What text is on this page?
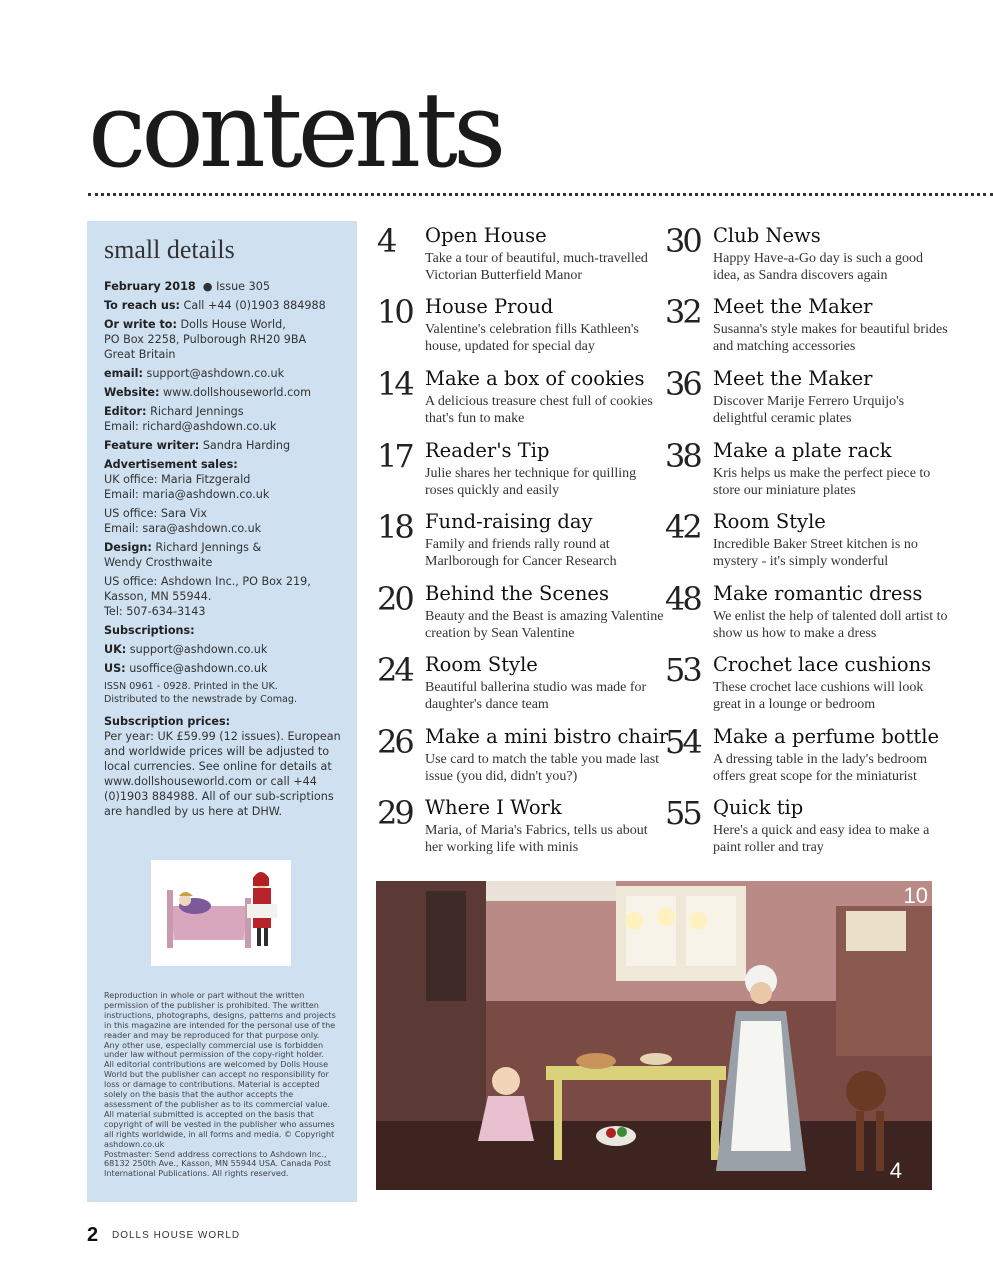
contents
small details

February 2018  ● Issue 305

To reach us: Call +44 (0)1903 884988

Or write to: Dolls House World,
PO Box 2258, Pulborough RH20 9BA
Great Britain

email: support@ashdown.co.uk

Website: www.dollshouseworld.com

Editor: Richard Jennings
Email: richard@ashdown.co.uk

Feature writer: Sandra Harding

Advertisement sales:
UK office: Maria Fitzgerald
Email: maria@ashdown.co.uk

US office: Sara Vix
Email: sara@ashdown.co.uk

Design: Richard Jennings &
Wendy Crosthwaite

US office: Ashdown Inc., PO Box 219,
Kasson, MN 55944.
Tel: 507-634-3143

Subscriptions:

UK: support@ashdown.co.uk

US: usoffice@ashdown.co.uk

ISSN 0961 - 0928. Printed in the UK.
Distributed to the newstrade by Comag.

Subscription prices:
Per year: UK £59.99 (12 issues). European and worldwide prices will be adjusted to local currencies. See online for details at www.dollshouseworld.com or call +44 (0)1903 884988. All of our sub-scriptions are handled by us here at DHW.

Reproduction in whole or part without the written permission of the publisher is prohibited. The written instructions, photographs, designs, patterns and projects in this magazine are intended for the personal use of the reader and may be reproduced for that purpose only. Any other use, especially commercial use is forbidden under law without permission of the copy-right holder. All editorial contributions are welcomed by Dolls House World but the publisher can accept no responsibility for loss or damage to contributions. Material is accepted solely on the basis that the author accepts the assessment of the publisher as to its commercial value. All material submitted is accepted on the basis that copyright of will be vested in the publisher who assumes all rights worldwide, in all forms and media. © Copyright ashdown.co.uk

Postmaster: Send address corrections to Ashdown Inc., 68132 250th Ave., Kasson, MN 55944 USA. Canada Post International Publications. All rights reserved.

4 Open House
Take a tour of beautiful, much-travelled Victorian Butterfield Manor
10 House Proud
Valentine's celebration fills Kathleen's house, updated for special day
14 Make a box of cookies
A delicious treasure chest full of cookies that's fun to make
17 Reader's Tip
Julie shares her technique for quilling roses quickly and easily
18 Fund-raising day
Family and friends rally round at Marlborough for Cancer Research
20 Behind the Scenes
Beauty and the Beast is amazing Valentine creation by Sean Valentine
24 Room Style
Beautiful ballerina studio was made for daughter's dance team
26 Make a mini bistro chair
Use card to match the table you made last issue (you did, didn't you?)
29 Where I Work
Maria, of Maria's Fabrics, tells us about her working life with minis
30 Club News
Happy Have-a-Go day is such a good idea, as Sandra discovers again
32 Meet the Maker
Susanna's style makes for beautiful brides and matching accessories
36 Meet the Maker
Discover Marije Ferrero Urquijo's delightful ceramic plates
38 Make a plate rack
Kris helps us make the perfect piece to store our miniature plates
42 Room Style
Incredible Baker Street kitchen is no mystery - it's simply wonderful
48 Make romantic dress
We enlist the help of talented doll artist to show us how to make a dress
53 Crochet lace cushions
These crochet lace cushions will look great in a lounge or bedroom
54 Make a perfume bottle
A dressing table in the lady's bedroom offers great scope for the miniaturist
55 Quick tip
Here's a quick and easy idea to make a paint roller and tray
10
4
2 DOLLS HOUSE WORLD
